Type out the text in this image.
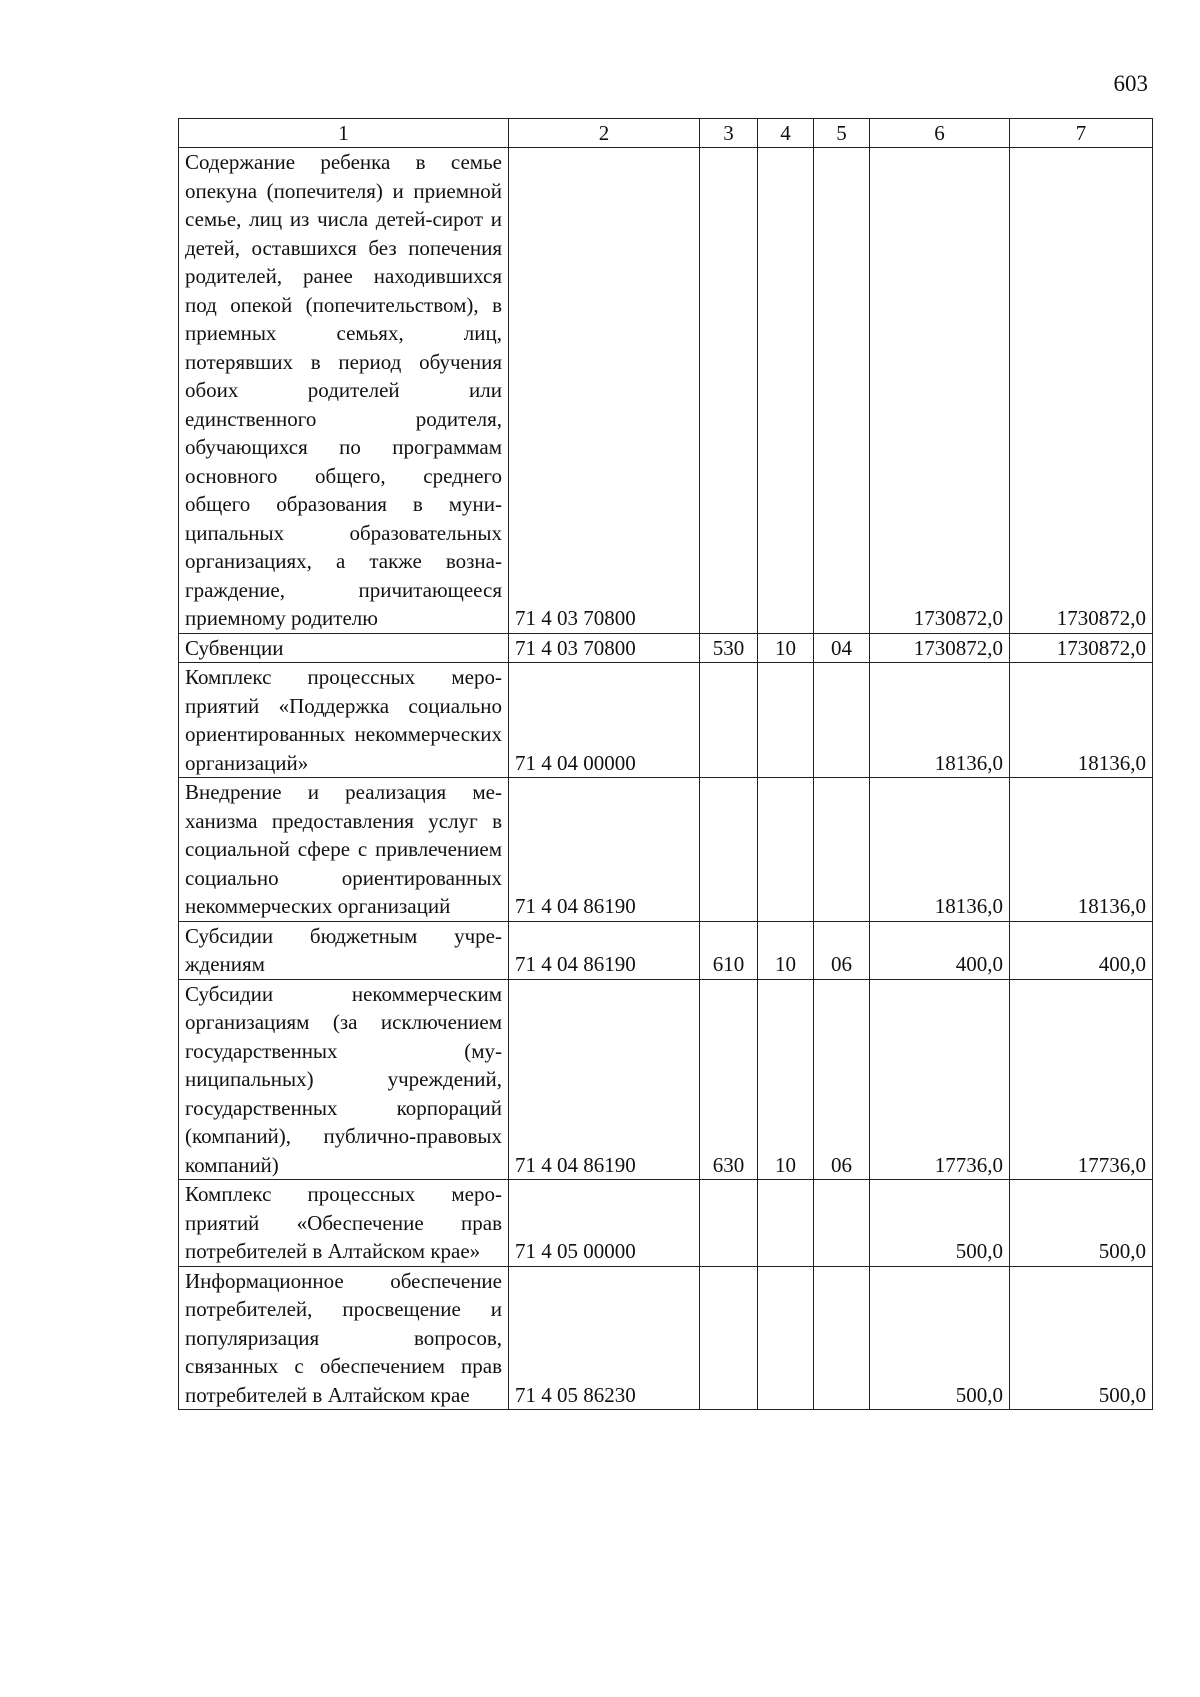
603
1	2	3	4	5	6	7
Содержание ребенка в семье опекуна (попечителя) и приемной семье, лиц из числа детей-сирот и детей, оставшихся без попечения родителей, ранее находившихся под опекой (попечительством), в приемных семьях, лиц, потерявших в период обучения обоих родителей или единственного родителя, обучающихся по программам основного общего, среднего общего образования в муниципальных образовательных организациях, а также вознаграждение, причитающееся приемному родителю	71 4 03 70800				1730872,0	1730872,0
Субвенции	71 4 03 70800	530	10	04	1730872,0	1730872,0
Комплекс процессных мероприятий «Поддержка социально ориентированных некоммерческих организаций»	71 4 04 00000				18136,0	18136,0
Внедрение и реализация механизма предоставления услуг в социальной сфере с привлечением социально ориентированных некоммерческих организаций	71 4 04 86190				18136,0	18136,0
Субсидии бюджетным учреждениям	71 4 04 86190	610	10	06	400,0	400,0
Субсидии некоммерческим организациям (за исключением государственных (муниципальных) учреждений, государственных корпораций (компаний), публично-правовых компаний)	71 4 04 86190	630	10	06	17736,0	17736,0
Комплекс процессных мероприятий «Обеспечение прав потребителей в Алтайском крае»	71 4 05 00000				500,0	500,0
Информационное обеспечение потребителей, просвещение и популяризация вопросов, связанных с обеспечением прав потребителей в Алтайском крае	71 4 05 86230				500,0	500,0
